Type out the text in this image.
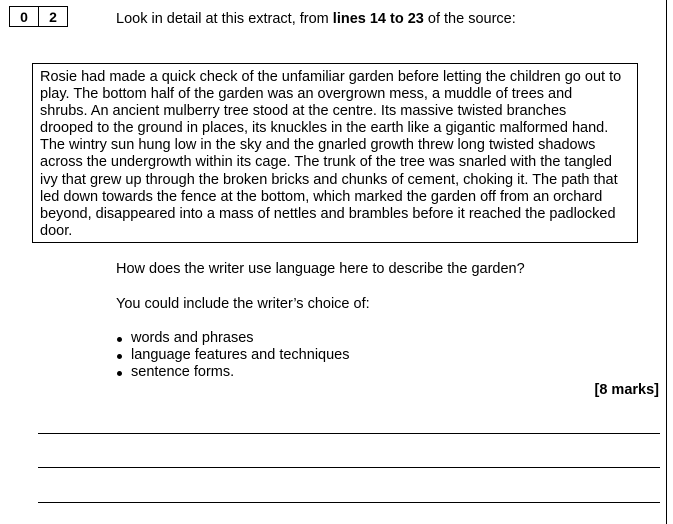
0	2	Look in detail at this extract, from lines 14 to 23 of the source:
Rosie had made a quick check of the unfamiliar garden before letting the children go out to
play. The bottom half of the garden was an overgrown mess, a muddle of trees and
shrubs. An ancient mulberry tree stood at the centre. Its massive twisted branches
drooped to the ground in places, its knuckles in the earth like a gigantic malformed hand.
The wintry sun hung low in the sky and the gnarled growth threw long twisted shadows
across the undergrowth within its cage. The trunk of the tree was snarled with the tangled
ivy that grew up through the broken bricks and chunks of cement, choking it. The path that
led down towards the fence at the bottom, which marked the garden off from an orchard
beyond, disappeared into a mass of nettles and brambles before it reached the padlocked
door.
How does the writer use language here to describe the garden?
You could include the writer’s choice of:
words and phrases
language features and techniques
sentence forms.
[8 marks]
